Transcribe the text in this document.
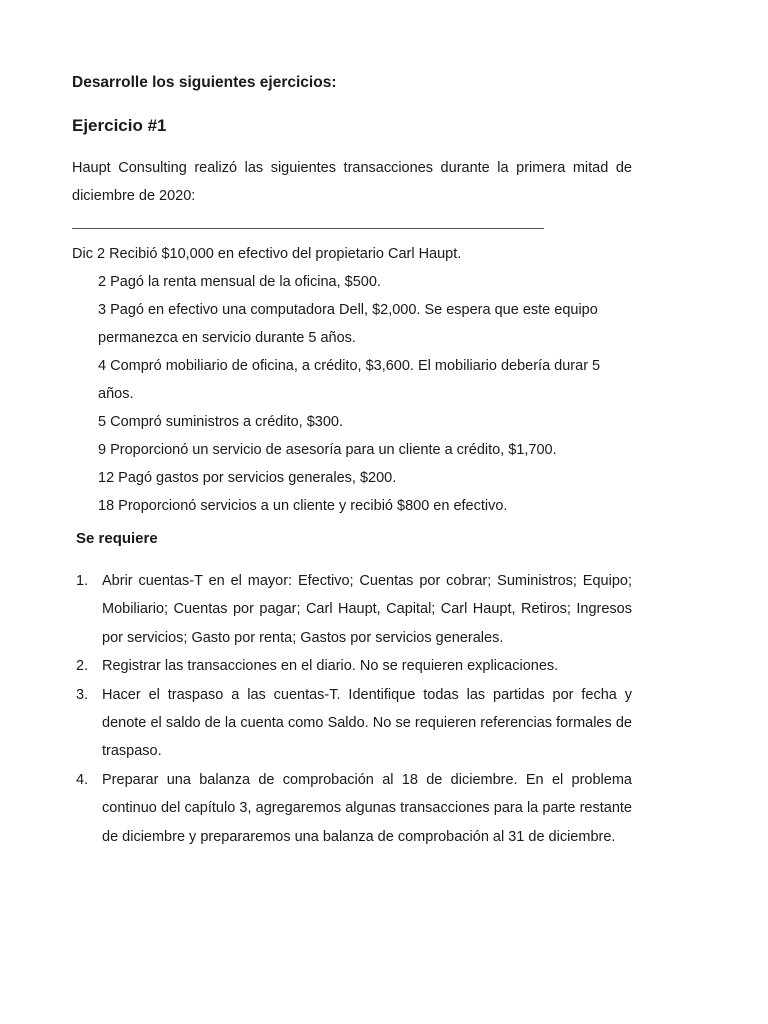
Desarrolle los siguientes ejercicios:
Ejercicio #1
Haupt Consulting realizó las siguientes transacciones durante la primera mitad de diciembre de 2020:
Dic 2 Recibió $10,000 en efectivo del propietario Carl Haupt.
2 Pagó la renta mensual de la oficina, $500.
3 Pagó en efectivo una computadora Dell, $2,000. Se espera que este equipo
permanezca en servicio durante 5 años.
4 Compró mobiliario de oficina, a crédito, $3,600. El mobiliario debería durar 5
años.
5 Compró suministros a crédito, $300.
9 Proporcionó un servicio de asesoría para un cliente a crédito, $1,700.
12 Pagó gastos por servicios generales, $200.
18 Proporcionó servicios a un cliente y recibió $800 en efectivo.
Se requiere
1. Abrir cuentas-T en el mayor: Efectivo; Cuentas por cobrar; Suministros; Equipo; Mobiliario; Cuentas por pagar; Carl Haupt, Capital; Carl Haupt, Retiros; Ingresos por servicios; Gasto por renta; Gastos por servicios generales.
2. Registrar las transacciones en el diario. No se requieren explicaciones.
3. Hacer el traspaso a las cuentas-T. Identifique todas las partidas por fecha y denote el saldo de la cuenta como Saldo. No se requieren referencias formales de traspaso.
4. Preparar una balanza de comprobación al 18 de diciembre. En el problema continuo del capítulo 3, agregaremos algunas transacciones para la parte restante de diciembre y prepararemos una balanza de comprobación al 31 de diciembre.
